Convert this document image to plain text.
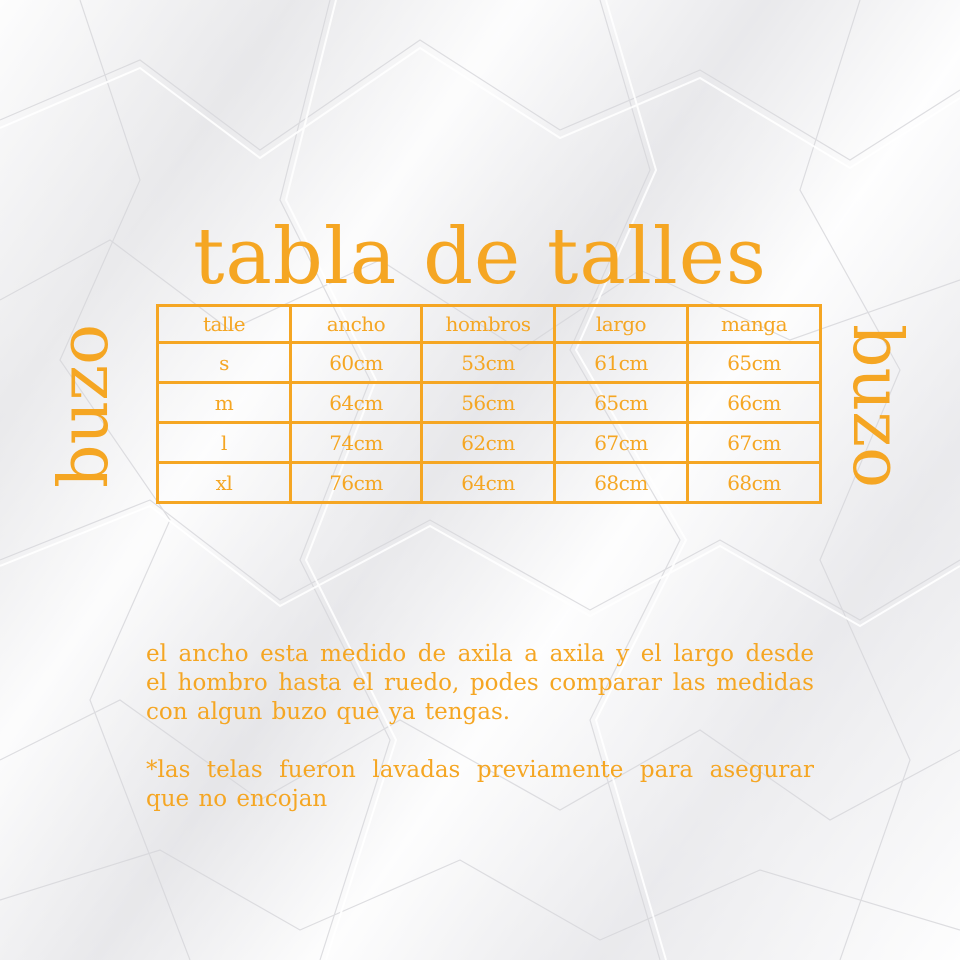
tabla de talles
buzo	buzo
talle	ancho	hombros	largo	manga
s	60cm	53cm	61cm	65cm
m	64cm	56cm	65cm	66cm
l	74cm	62cm	67cm	67cm
xl	76cm	64cm	68cm	68cm

el ancho esta medido de axila a axila y el largo desde el hombro hasta el ruedo, podes comparar las medidas con algun buzo que ya tengas.

*las telas fueron lavadas previamente para asegurar que no encojan
